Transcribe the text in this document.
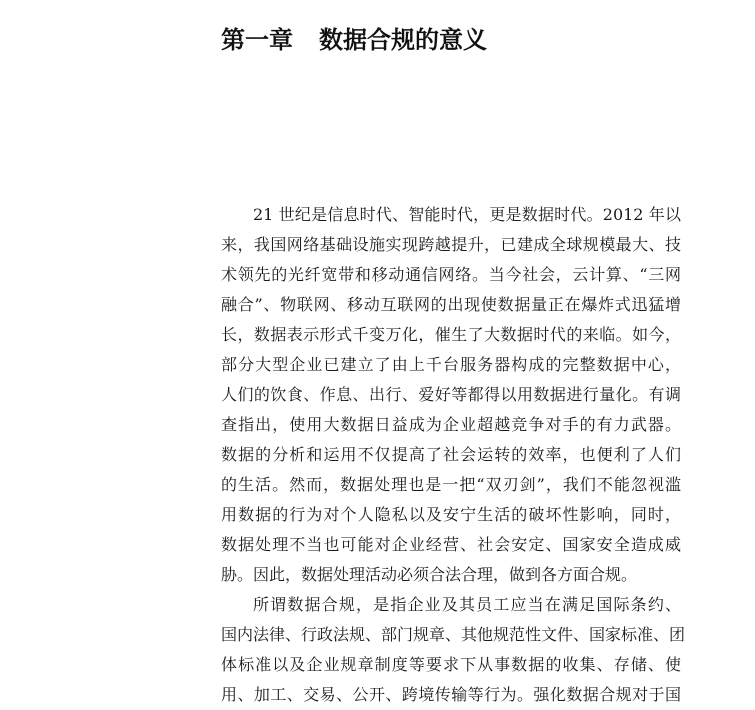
第一章 数据合规的意义
21 世纪是信息时代、智能时代，更是数据时代。2012 年以
来，我国网络基础设施实现跨越提升，已建成全球规模最大、技
术领先的光纤宽带和移动通信网络。当今社会，云计算、“三网
融合”、物联网、移动互联网的出现使数据量正在爆炸式迅猛增
长，数据表示形式千变万化，催生了大数据时代的来临。如今，
部分大型企业已建立了由上千台服务器构成的完整数据中心，
人们的饮食、作息、出行、爱好等都得以用数据进行量化。有调
查指出，使用大数据日益成为企业超越竞争对手的有力武器。
数据的分析和运用不仅提高了社会运转的效率，也便利了人们
的生活。然而，数据处理也是一把“双刃剑”，我们不能忽视滥
用数据的行为对个人隐私以及安宁生活的破坏性影响，同时，
数据处理不当也可能对企业经营、社会安定、国家安全造成威
胁。因此，数据处理活动必须合法合理，做到各方面合规。
所谓数据合规，是指企业及其员工应当在满足国际条约、
国内法律、行政法规、部门规章、其他规范性文件、国家标准、团
体标准以及企业规章制度等要求下从事数据的收集、存储、使
用、加工、交易、公开、跨境传输等行为。强化数据合规对于国
